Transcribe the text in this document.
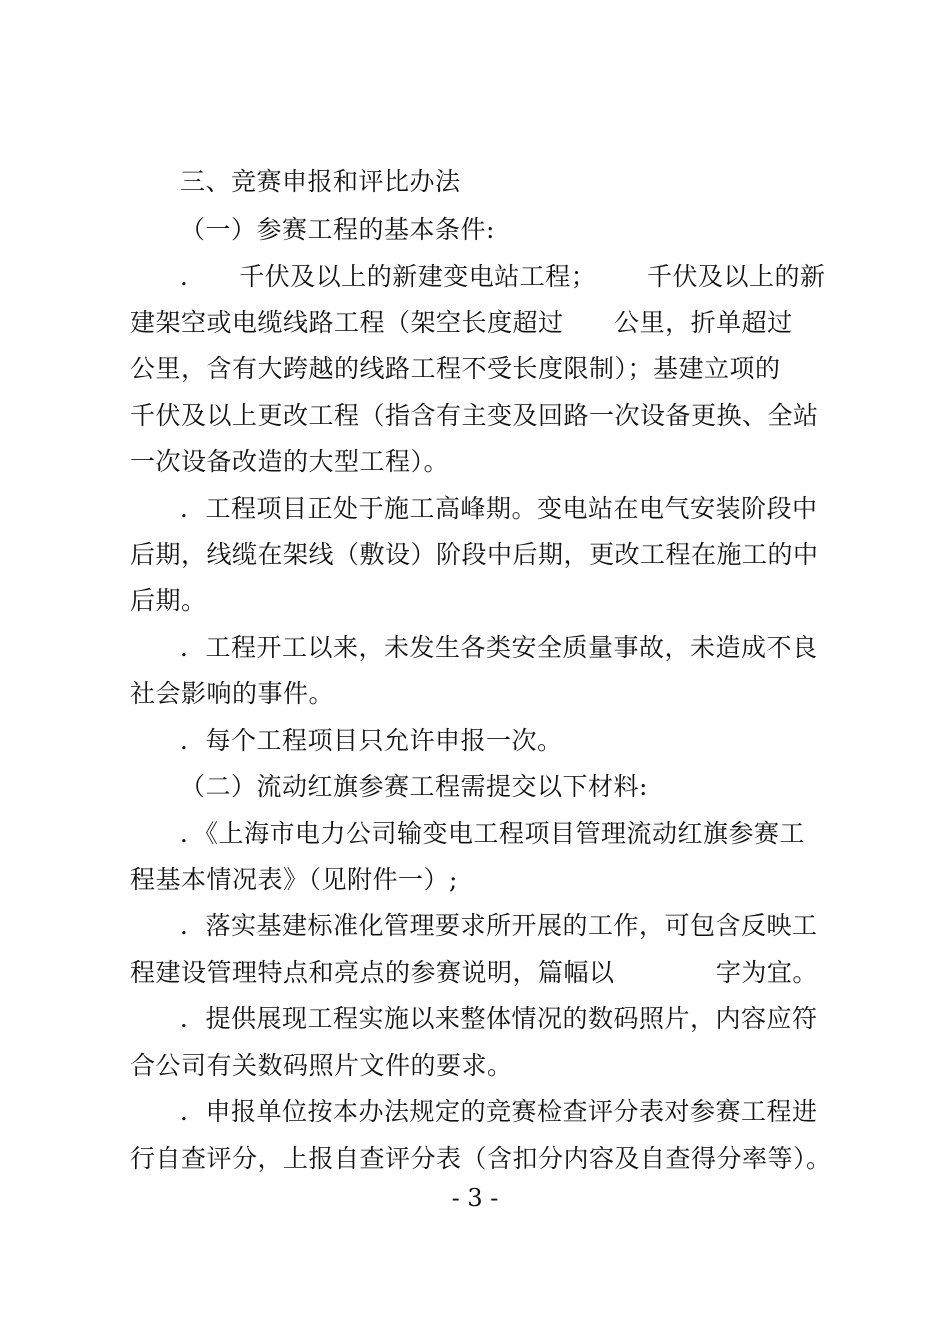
三、竞赛申报和评比办法
（一）参赛工程的基本条件:
．    千伏及以上的新建变电站工程；      千伏及以上的新
建架空或电缆线路工程（架空长度超过      公里，折单超过
公里，含有大跨越的线路工程不受长度限制）；基建立项的
千伏及以上更改工程（指含有主变及回路一次设备更换、全站
一次设备改造的大型工程）。
．工程项目正处于施工高峰期。变电站在电气安装阶段中
后期，线缆在架线（敷设）阶段中后期，更改工程在施工的中
后期。
．工程开工以来，未发生各类安全质量事故，未造成不良
社会影响的事件。
．每个工程项目只允许申报一次。
（二）流动红旗参赛工程需提交以下材料:
．《上海市电力公司输变电工程项目管理流动红旗参赛工
程基本情况表》（见附件一）;
．落实基建标准化管理要求所开展的工作，可包含反映工
程建设管理特点和亮点的参赛说明，篇幅以            字为宜。
．提供展现工程实施以来整体情况的数码照片，内容应符
合公司有关数码照片文件的要求。
．申报单位按本办法规定的竞赛检查评分表对参赛工程进
行自查评分，上报自查评分表（含扣分内容及自查得分率等）。
- 3 -
